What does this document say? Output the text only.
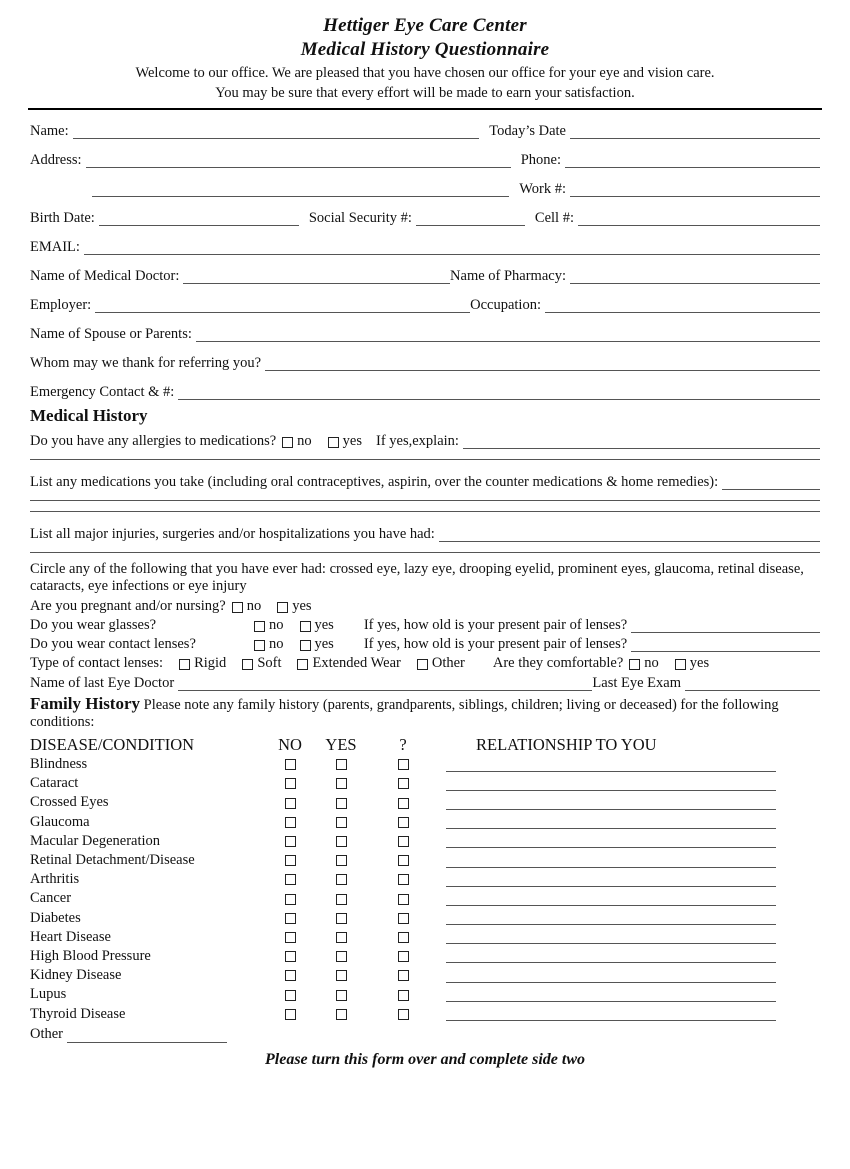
Hettiger Eye Care Center
Medical History Questionnaire
Welcome to our office. We are pleased that you have chosen our office for your eye and vision care.
You may be sure that every effort will be made to earn your satisfaction.
Name:	Today’s Date
Address:	Phone:
Work #:
Birth Date:	Social Security #:	Cell #:
EMAIL:
Name of Medical Doctor:	Name of Pharmacy:
Employer:	Occupation:
Name of Spouse or Parents:
Whom may we thank for referring you?
Emergency Contact & #:
Medical History
Do you have any allergies to medications? no yes If yes,explain:
List any medications you take (including oral contraceptives, aspirin, over the counter medications & home remedies):
List all major injuries, surgeries and/or hospitalizations you have had:
Circle any of the following that you have ever had: crossed eye, lazy eye, drooping eyelid, prominent eyes, glaucoma, retinal disease,
cataracts, eye infections or eye injury
Are you pregnant and/or nursing? no yes
Do you wear glasses?	no yes If yes, how old is your present pair of lenses?
Do you wear contact lenses?	no yes If yes, how old is your present pair of lenses?
Type of contact lenses: Rigid Soft Extended Wear Other Are they comfortable? no yes
Name of last Eye Doctor	Last Eye Exam
Family History Please note any family history (parents, grandparents, siblings, children; living or deceased) for the following conditions:
DISEASE/CONDITION	NO	YES	?	RELATIONSHIP TO YOU
Blindness
Cataract
Crossed Eyes
Glaucoma
Macular Degeneration
Retinal Detachment/Disease
Arthritis
Cancer
Diabetes
Heart Disease
High Blood Pressure
Kidney Disease
Lupus
Thyroid Disease
Other
Please turn this form over and complete side two
